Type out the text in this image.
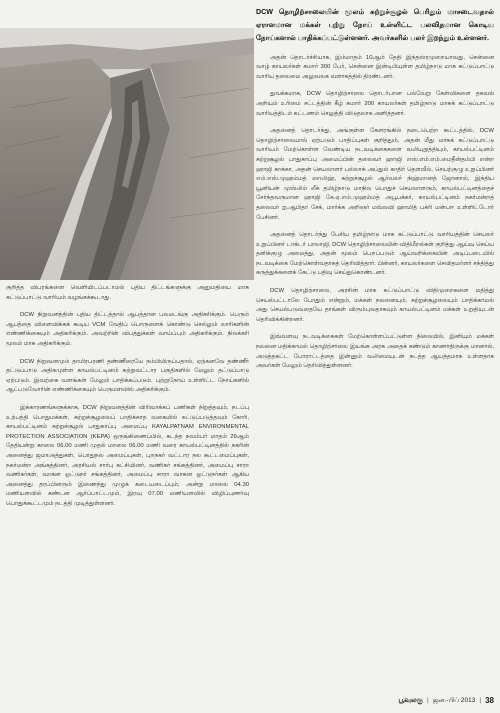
DCW தொழிற்சாலையின் மூலம் சுற்றுச்சூழல் பெரிதும் மாசடைவதால் ஏராளமான மக்கள் புற்று நோய் உள்ளிட்ட பலவிதமான கொடிய நோய்களால் பாதிக்கப்பட்டுள்ளனர். அவர்களில் பலர் இறந்தும் உள்ளனர்.

அதன் தொடர்ச்சியாக, இம்மாதம் 10ஆம் தேதி இந்தஸ்ரமுறையாவது, சென்னை வாழ் காயலர்கள் சுமார் 300 பேர், சென்னை இன்டிபியுள்ள தமிழ்நாடு மாசு கட்டுப்பாட்டு வாரிய தலைமை அலுவலக வளாகத்தில் திரண்டனர்.

துவக்கமாக, DCW தொழிற்சாலை தொடர்பான பல்வேறு கேள்விகளை தகவல் அறியும் உரிமை சட்டத்தின் கீழ் சுமார் 200 காயலர்கள் தமிழ்நாடு மாசுக் கட்டுப்பாட்டு வாரியத்திடம் கட்டணம் செலுத்தி விடுதலாக அளித்தனர்.

அதனைத் தொடர்ந்து, அங்குள்ள கேளரங்கில் நடைபெற்ற கூட்டத்தில், DCW தொழிற்சாலையால் ஏற்படும் பாதிப்புகள் குறித்தும், அதன் மீது மாசுக் கட்டுப்பாட்டு வாரியம் மேற்கொள்ள வேண்டிய நடவடிக்கைகளை வலியுறுத்தியும், காயல்பட்டினம் சுற்றுசூழல் பாதுகாப்பு அமைப்பின் தலைவர் ஹாஜி எஸ்.எம்.எம்.மைதீன்தம்பி என்ற ஹாஜி காக்கா, அதன் செயலாளர் பல்லாக் அப்துல் காதிர் தௌவீல், செயற்குழு உறுப்பினர் எம்.எஸ்.முஹம்மத் ஸாலிஹ், சுற்றுச்சூழல் ஆர்வலர் நிஹ்மானத் ஜோனால், இந்திய யூனியன் முஸ்லிம் லீக் தமிழ்நாடு மாநில பொதுச் செயலாளரும், காயல்பட்டினத்தைச் சேர்ந்தவருமான ஹாஜி கே.ஏ.எம்.முஹம்மத் அபூபக்கர், காயல்பட்டினம் நகர்மன்றத் தலைவர் ஐ.ஆபிதா சேக், மார்க்க அறிஞர் மவ்லவி ஹாமித் பக்ரி மன்பஈ உள்ளிட்டோர் பேசினர்.

அதனைத் தொடர்ந்து பேசிய தமிழ்நாடு மாசு கட்டுப்பாட்டு வாரியத்தின் செயலர் உறுப்பினர் டாக்டர் பாலாஜி, DCW தொழிற்சாலையின் விதிமீறல்கள் குறித்து ஆய்வு செய்ய தனிக்குழு அமைத்து, அதன் மூலம் பெறப்படும் ஆய்வறிக்கையின் அடிப்படையில் நடவடிக்கை மேற்கொள்வதாகத் தெரிவித்தார். பின்னர், காயலர்களை செவிதமர்ளர் சந்தித்து கருத்துக்களைக் கேட்டு பதிவு செய்துகொண்டனர்.

DCW தொழிற்சாலை, அரசின் மாசு கட்டுப்பாட்டு விதிமுறைகளை மதித்து செயல்பட்டாலே போதும் என்றும், மக்கள் நலனையும், சுற்றுச்சூழலையும் பாதிக்காமல் அது செயல்படுவதையே தாங்கள் விரும்புவதாகவும் காயல்பட்டினம் மக்கள் உறுதியுடன் தெரிவிக்கின்றனர்.

இவ்வளவு நடவடிக்கைகள் மேற்கொள்ளப்பட்டுள்ள நிலையில், இனியும் மக்கள் நலனை மதிக்காமல் தொழிற்சாலை இயங்க அரசு அதைக் கண்டும் காணாதிருக்கு மானால், அடுத்தகட்ட போராட்டத்தை இன்னும் வலிமையுடன் நடத்த ஆயத்தமாக உள்ளதாக அவர்கள் மேலும் தெரிவித்துள்ளனர்.

குறித்த விபரங்களை வெளியிடப்படாமல் புதிய திட்டங்களுக்கு அனுமதியை மாசு கட்டுப்பாட்டு வாரியம் வழங்கக்கூடாது.

DCW நிறுவனத்தின் புதிய திட்டத்தால் ஆபத்தான பலமடங்கு அதிகரிக்கும். பெரும் ஆபத்தை விளைவிக்கக் கூடிய VCM வேதிப் பொருளைக் கொண்டு செல்லும் லாரிகளின் எண்ணிக்கையும் அதிகரிக்கும். அவற்றின் விபத்துக்கள் வாய்ப்பும் அதிகரிக்கும். நிலக்கரி மூலம் மாசு அதிகரிக்கும்.

DCW நிறுவனமும் தாமிரபரணி தண்ணீரையே நம்பியிருப்பதால், ஏற்கனவே தண்ணீர் தட்டுப்பாடு அதிகமுள்ள காயல்பட்டினம் சுற்றுவட்டார பகுதிகளில் மேலும் தட்டுப்பாடு ஏற்படும். இவற்கை வளங்கள் மேலும் பாதிக்கப்படும். புற்றுநோய் உள்ளிட்ட நோய்களில் ஆட்படுவோரின் எண்ணிக்கையும் பெருமளவில் அதிகரிக்கும்.

இக்காரணங்களுக்காக, DCW நிறுவனத்தின் விரிவாக்கப் பணிகள் நிறுத்தவும், நடப்பு உற்பத்தி பொதுமக்கள், சுற்றுச்சூழலைப் பாதிக்காத வகையில் கட்டுப்படுத்தவும் கோரி, காயல்பட்டினம் சுற்றுச்சூழல் பாதுகாப்பு அமைப்பு KAYALPATNAM ENVIRONMENTAL PROTECTION ASSOCIATION (KEPA) ஒருங்கிணைப்பில், கடந்த நவம்பர் மாதம் 29ஆம் தேதியன்று காலை 06.00 மணி முதல் மாலை 06.00 மணி வரை காயல்பட்டினத்தில் நகரின் அனைத்து ஜமாஅத்துகள், பொதுநல அமைப்புகள், புறநகர் வட்டார நல கூட்டமைப்புகள், நகர்மன்ற அங்கத்தினர், அரசியல் சார்பு கட்சியினர், வணிகர் சங்கத்தினர், அமைப்பு சாரா வணிகர்கள், வாகன ஓட்டுநர் சங்கத்தினர், அமைப்பு சாரா வாகன ஓட்டுநர்கள் ஆகிய அனைத்து தரப்பினரும் இணைந்து முழுக் கடையடைப்பும், அன்று மாலை 04.30 மணியளவில் கண்டன ஆர்ப்பாட்டமும், இரவு 07.00 மணியளவில் விழிப்புணர்வு பொதுக்கூட்டமும் நடத்தி முடித்துள்ளனர்.

பூவுலகு | ஜன.-பிப் 2013 | 38
